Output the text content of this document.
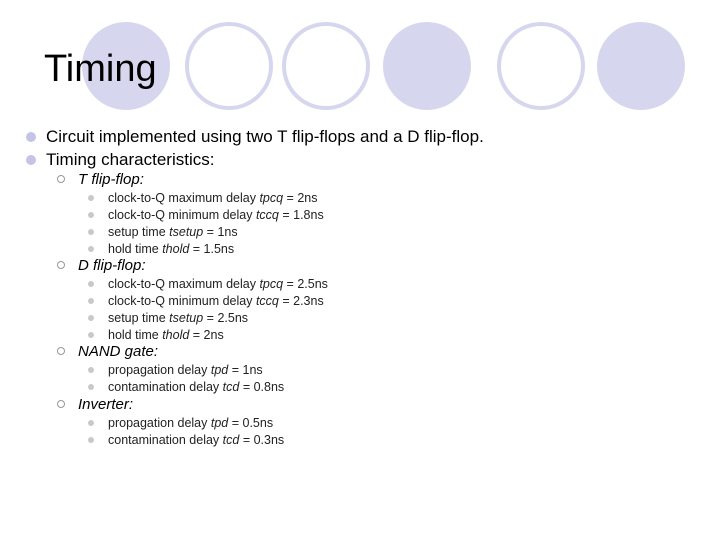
Timing
Circuit implemented using two T flip-flops and a D flip-flop.
Timing characteristics:
T flip-flop:
clock-to-Q maximum delay tpcq = 2ns
clock-to-Q minimum delay tccq = 1.8ns
setup time tsetup = 1ns
hold time thold = 1.5ns
D flip-flop:
clock-to-Q maximum delay tpcq = 2.5ns
clock-to-Q minimum delay tccq = 2.3ns
setup time tsetup = 2.5ns
hold time thold = 2ns
NAND gate:
propagation delay tpd = 1ns
contamination delay tcd = 0.8ns
Inverter:
propagation delay tpd = 0.5ns
contamination delay tcd = 0.3ns
